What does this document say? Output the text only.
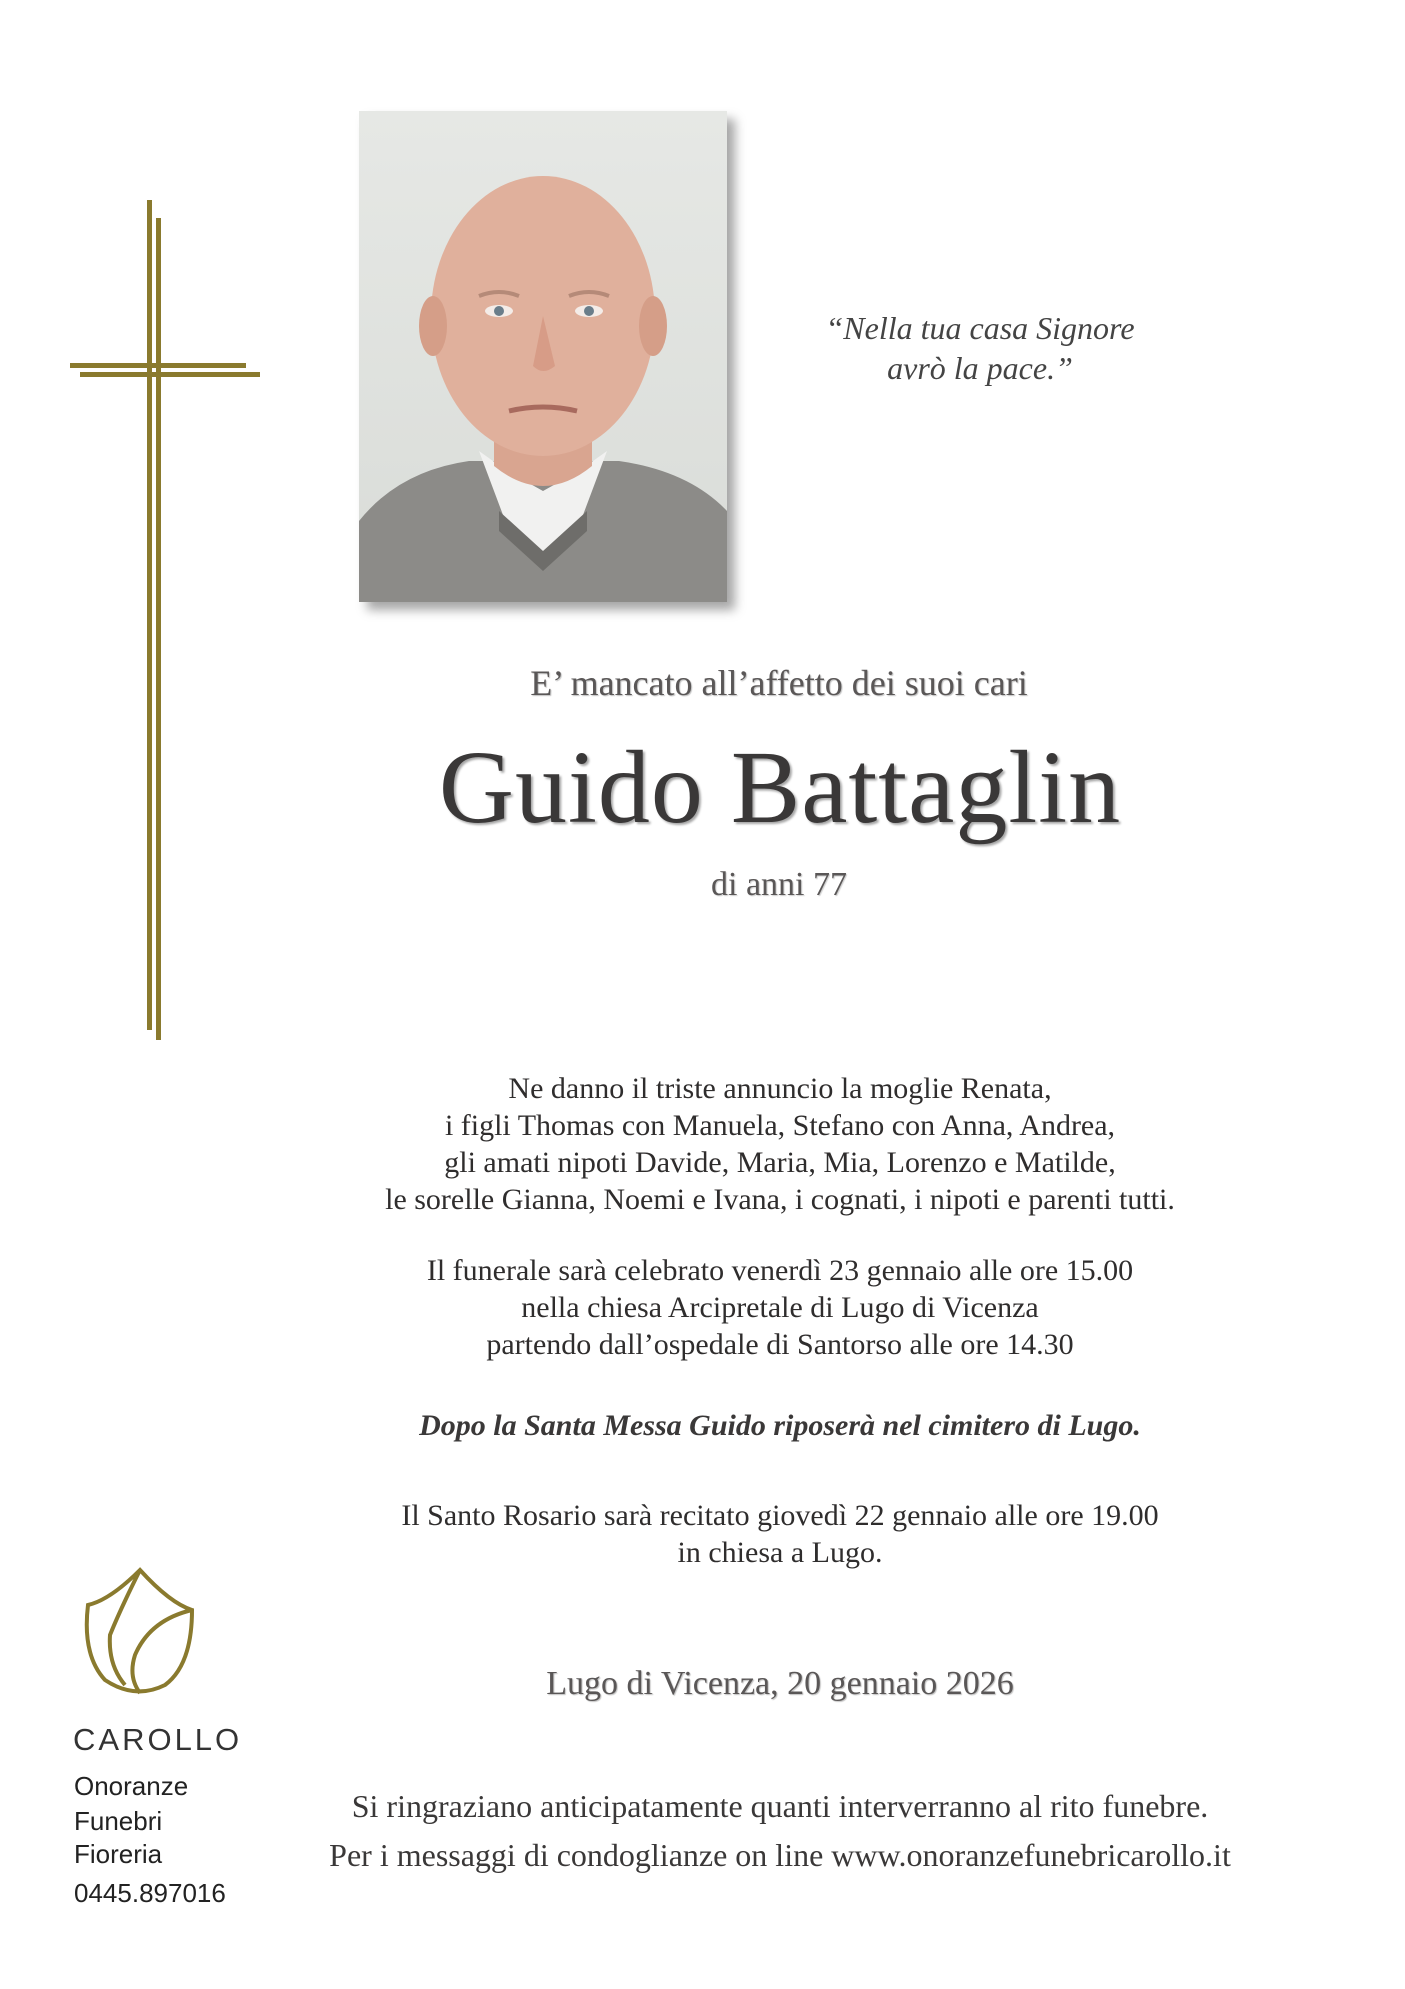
“Nella tua casa Signore
avrò la pace.”
E’ mancato all’affetto dei suoi cari
Guido Battaglin
di anni 77
Ne danno il triste annuncio la moglie Renata,
i figli Thomas con Manuela, Stefano con Anna, Andrea,
gli amati nipoti Davide, Maria, Mia, Lorenzo e Matilde,
le sorelle Gianna, Noemi e Ivana, i cognati, i nipoti e parenti tutti.
Il funerale sarà celebrato venerdì 23 gennaio alle ore 15.00
nella chiesa Arcipretale di Lugo di Vicenza
partendo dall’ospedale di Santorso alle ore 14.30
Dopo la Santa Messa Guido riposerà nel cimitero di Lugo.
Il Santo Rosario sarà recitato giovedì 22 gennaio alle ore 19.00
in chiesa a Lugo.
Lugo di Vicenza, 20 gennaio 2026
Si ringraziano anticipatamente quanti interverranno al rito funebre.
Per i messaggi di condoglianze on line www.onoranzefunebricarollo.it
CAROLLO
Onoranze
Funebri
Fioreria
0445.897016
